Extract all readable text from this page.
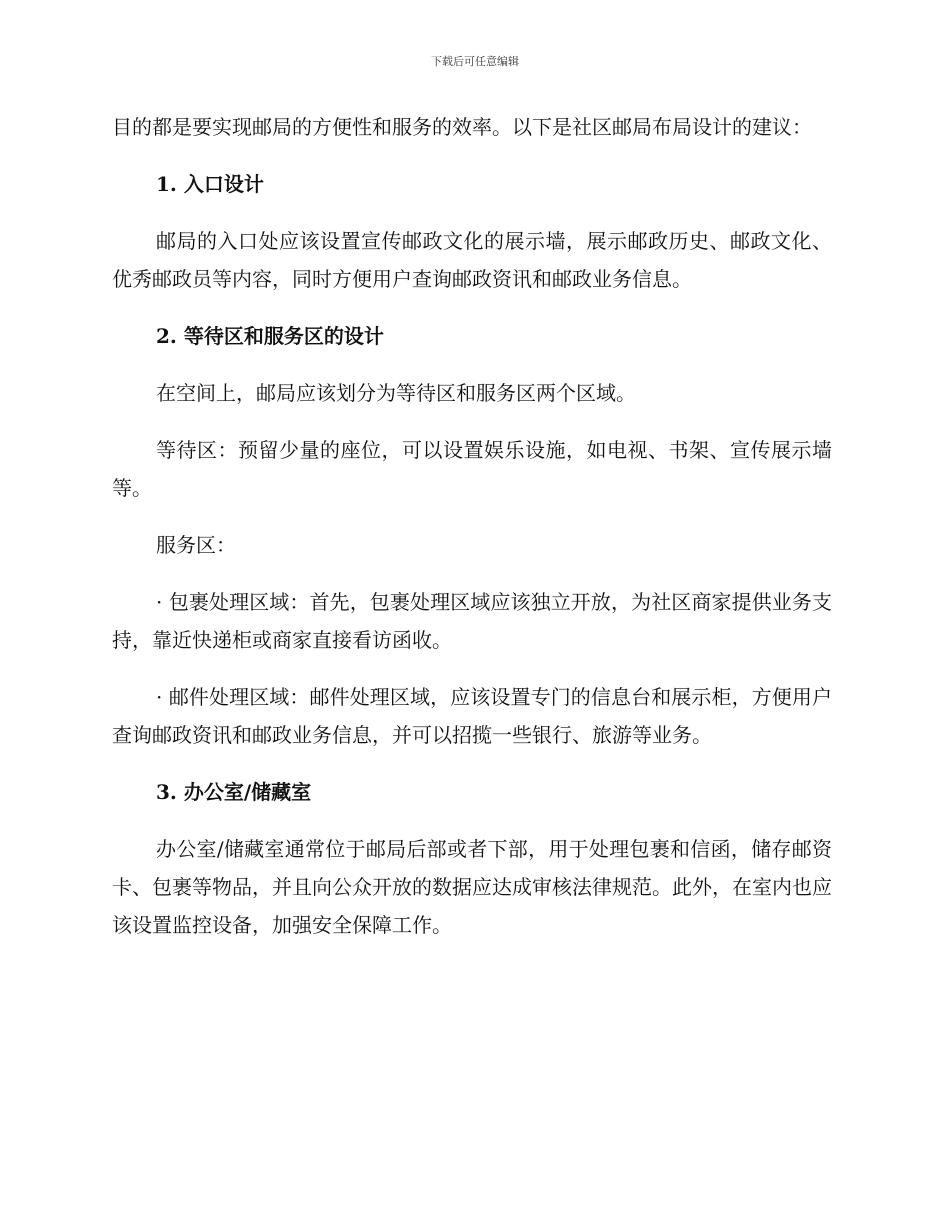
下载后可任意编辑

目的都是要实现邮局的方便性和服务的效率。以下是社区邮局布局设计的建议：

1. 入口设计

邮局的入口处应该设置宣传邮政文化的展示墙，展示邮政历史、邮政文化、优秀邮政员等内容，同时方便用户查询邮政资讯和邮政业务信息。

2. 等待区和服务区的设计

在空间上，邮局应该划分为等待区和服务区两个区域。

等待区：预留少量的座位，可以设置娱乐设施，如电视、书架、宣传展示墙等。

服务区：

· 包裹处理区域：首先，包裹处理区域应该独立开放，为社区商家提供业务支持，靠近快递柜或商家直接看访函收。

· 邮件处理区域：邮件处理区域，应该设置专门的信息台和展示柜，方便用户查询邮政资讯和邮政业务信息，并可以招揽一些银行、旅游等业务。

3. 办公室/储藏室

办公室/储藏室通常位于邮局后部或者下部，用于处理包裹和信函，储存邮资卡、包裹等物品，并且向公众开放的数据应达成审核法律规范。此外，在室内也应该设置监控设备，加强安全保障工作。
